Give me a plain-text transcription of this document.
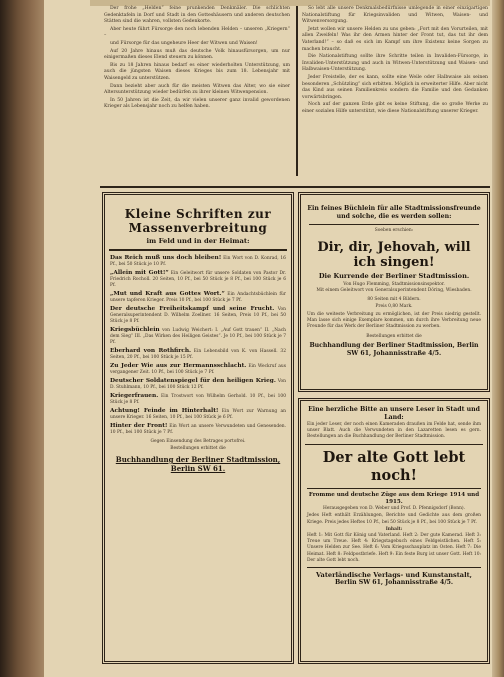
Der frohe „Helden“ feine prunkenden Denkmäler. Die schlichten Gedenktafeln in Dorf und Stadt in den Gotteshäusern und anderen deutschen Stätten sind die wahren, vollsten Gedenkorte.

Aber heute führt Fürsorge den noch lebenden Helden – unseren „Kriegern“ –

und Fürsorge für das ungeheure Heer der Witwen und Waisen!

Auf 20 Jahre hinaus muß das deutsche Volk hinausfürsorgen, um nur einigermaßen dieses Elend steuern zu können.

Bis zu 18 Jahren hinaus bedarf es einer wiederholten Unterstützung, um auch die jüngsten Waisen dieses Krieges bis zum 18. Lebensjahr mit Waisengeld zu unterstützen.

Dann bezieht aber auch für die meisten Witwen das Alter, wo sie einer Altersunterstützung wieder bedürfen zu ihrer kleinen Witwenpension.

In 50 Jahren ist die Zeit, da wir vielen unserer ganz invalid gewordenen Krieger als Lebensjahr noch zu helfen haben.

So lebt alle unsere Denkmalsbedürfnisse umlegende in einer einzigartigen Nationalstiftung für Kriegsinvaliden und Witwen, Waisen- und Witwenversorgung.

Jetzt wollen wir unsere Helden zu uns geben: „Fort mit den Vorurteilen, mit allen Zweifeln! Was ihr den Armen hinter der Front tut, das tut ihr dem Vaterland!“ – so daß es sich im Kampf um ihre Existenz keine Sorgen zu machen braucht.

Die Nationalstiftung sollte ihre Schritte teilen in Invaliden-Fürsorge, in Invaliden-Unterstützung und auch in Witwen-Unterstützung und Waisen- und Halbwaisen-Unterstützung.

Jeder Freistelle, der es kann, sollte eine Weile oder Halbwaise als seinen besonderen „Schützling“ sich erbitten. Möglich in erweiterter Hilfe. Aber nicht das Kind aus seinen Familienkreis sondern die Familie und den Gedanken vorwärtsbringen.

Noch auf der ganzen Erde gibt es keine Stiftung, die so große Werke zu einer sozialen Hilfe unterstützt, wie diese Nationalstiftung unserer Krieger.

Kleine Schriften zur Massenverbreitung
im Feld und in der Heimat:
Das Reich muß uns doch bleiben! Ein Wort von D. Konrad, 16 Pf., bei 50 Stück je 10 Pf.
„Allein mit Gott!“ Ein Geleitwort für unsere Soldaten von Pastor Dr. Friedrich Rocholl. 20 Seiten, 10 Pf., bei 50 Stück je 8 Pf., bei 100 Stück je 6 Pf.
„Mut und Kraft aus Gottes Wort.“ Ein Andachtsbüchlein für unsere tapferen Krieger. Preis 10 Pf., bei 100 Stück je 7 Pf.
Der deutsche Freiheitskampf und seine Frucht. Von Generalsuperintendent D. Wilhelm Zoellner. 16 Seiten, Preis 10 Pf., bei 50 Stück je 8 Pf.
Kriegsbüchlein von Ludwig Weichert: I. „Auf Gott trauen“ II. „Nach dem Sieg“ III. „Das Wirken des Heiligen Geistes“. Je 10 Pf., bei 100 Stück je 7 Pf.
Eberhard von Rothfirch. Ein Lebensbild von K. von Hassell. 32 Seiten, 20 Pf., bei 100 Stück je 15 Pf.
Zu Jeder Wie aus zur Hermannsschlacht. Ein Weckruf aus vergangener Zeit. 10 Pf., bei 100 Stück je 7 Pf.
Deutscher Soldatenspiegel für den heiligen Krieg. Von D. Stuhlmann, 10 Pf., bei 100 Stück 12 Pf.
Kriegerfrauen. Ein Trostwort von Wilhelm Gerhold. 10 Pf., bei 100 Stück je 8 Pf.
Achtung! Feinde im Hinterhalt! Ein Wort zur Warnung an unsere Krieger. 16 Seiten, 10 Pf., bei 100 Stück je 6 Pf.
Hinter der Front! Ein Wort an unsere Verwundeten und Genesenden. 10 Pf., bei 100 Stück je 7 Pf.
Gegen Einsendung des Betrages portofrei.
Bestellungen erbittet die
Buchhandlung der Berliner Stadtmission, Berlin SW 61.
Ein feines Büchlein für alle Stadtmissionsfreunde
und solche, die es werden sollen:
Soeben erschien:
Dir, dir, Jehovah, will ich singen!
Die Kurrende der Berliner Stadtmission.
Von Hugo Flemming, Stadtmissionsinspektor.
Mit einem Geleitwort von Generalsuperintendent Döring, Wiesbaden.
80 Seiten mit 4 Bildern.
Preis 0,80 Mark.
Um die weiteste Verbreitung zu ermöglichen, ist der Preis niedrig gestellt. Man lasse sich einige Exemplare kommen, um durch ihre Verbreitung neue Freunde für das Werk der Berliner Stadtmission zu werben.
Bestellungen erbittet die
Buchhandlung der Berliner Stadtmission, Berlin SW 61, Johannisstraße 4/5.
Eine herzliche Bitte an unsere Leser in Stadt und Land:
Ein jeder Leser, der noch einen Kameraden draußen im Felde hat, sende ihm unser Blatt. Auch die Verwundeten in den Lazaretten lesen es gern. Bestellungen an die Buchhandlung der Berliner Stadtmission.
Der alte Gott lebt noch!
Fromme und deutsche Züge aus dem Kriege 1914 und 1915.
Herausgegeben von D. Weber und Prof. D. Pfennigsdorf (Bonn).
Jedes Heft enthält Erzählungen, Berichte und Gedichte aus dem großen Kriege. Preis jedes Heftes 10 Pf., bei 50 Stück je 8 Pf., bei 100 Stück je 7 Pf.
Inhalt:
Heft 1: Mit Gott für König und Vaterland. Heft 2: Der gute Kamerad. Heft 3: Treue um Treue. Heft 4: Kriegstagebuch eines Feldgeistlichen. Heft 5: Unsere Helden zur See. Heft 6: Vom Kriegsschauplatz im Osten. Heft 7: Die Heimat. Heft 8: Feldpostbriefe. Heft 9: Ein feste Burg ist unser Gott. Heft 10: Der alte Gott lebt noch.
Vaterländische Verlags- und Kunstanstalt,
Berlin SW 61, Johannisstraße 4/5.
